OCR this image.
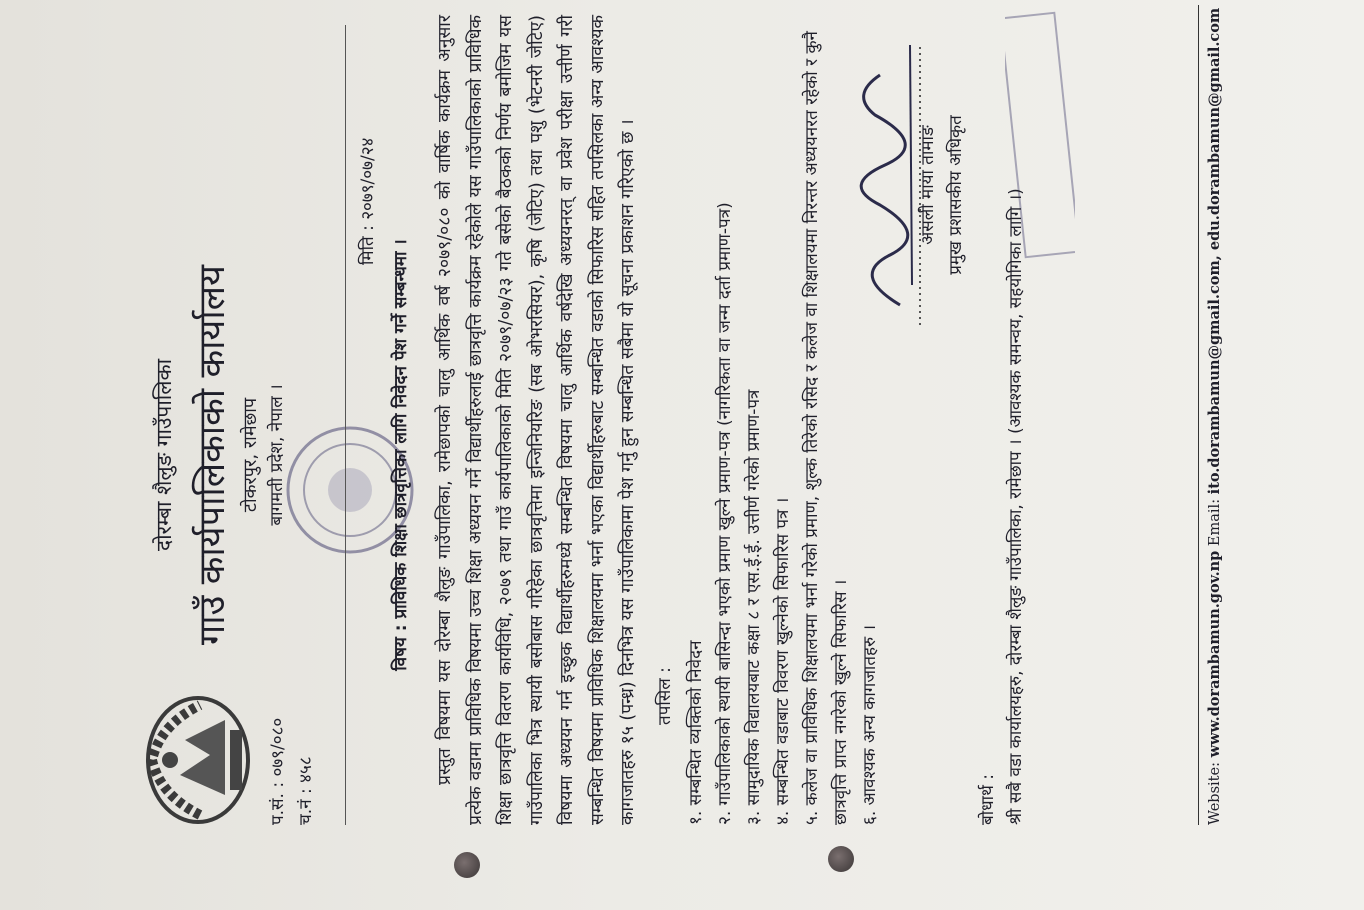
दोरम्बा शैलुङ गाउँपालिका गाउँ कार्यपालिकाको कार्यालय टोकरपुर, रामेछाप बागमती प्रदेश, नेपाल ।
प.सं. : ०७९/०८० च.नं : ४५८
मिति : २०७९/०७/२४
विषय : प्राविधिक शिक्षा छात्रवृत्तिका लागि निवेदन पेश गर्ने सम्बन्धमा । प्रस्तुत विषयमा यस दोरम्बा शैलुङ गाउँपालिका, रामेछापको चालु आर्थिक वर्ष २०७९/०८० को वार्षिक कार्यक्रम अनुसार प्रत्येक वडामा प्राविधिक विषयमा उच्च शिक्षा अध्ययन गर्ने विद्यार्थीहरुलाई छात्रवृत्ति कार्यक्रम रहेकोले यस गाउँपालिकाको प्राविधिक शिक्षा छात्रवृत्ति वितरण कार्यविधि, २०७९ तथा गाउँ कार्यपालिकाको मिति २०७९/०७/२३ गते बसेको बैठकको निर्णय बमोजिम यस गाउँपालिका भित्र स्थायी बसोबास गरिहेका छात्रवृत्तिमा इन्जिनियरिङ (सब ओभरसियर), कृषि (जेटिए) तथा पशु (भेटनरी जेटिए) विषयमा अध्ययन गर्न इच्छुक विद्यार्थीहरुमध्ये सम्बन्धित विषयमा चालु आर्थिक वर्षदेखि अध्ययनरत् वा प्रवेश परीक्षा उत्तीर्ण गरी सम्बन्धित विषयमा प्राविधिक शिक्षालयमा भर्ना भएका विद्यार्थीहरुबाट सम्बन्धित वडाको सिफारिस सहित तपसिलका अन्य आवश्यक कागजातहरु १५ (पन्ध्र) दिनभित्र यस गाउँपालिकामा पेश गर्नु हुन सम्बन्धित सबैमा यो सूचना प्रकाशन गरिएको छ ।	तपसिल : १. सम्बन्धित व्यक्तिको निवेदन २. गाउँपालिकाको स्थायी बासिन्दा भएको प्रमाण खुल्ने प्रमाण-पत्र (नागरिकता वा जन्म दर्ता प्रमाण-पत्र) ३. सामुदायिक विद्यालयबाट कक्षा ८ र एस.ई.ई. उत्तीर्ण गरेको प्रमाण-पत्र ४. सम्बन्धित वडाबाट विवरण खुल्नेको सिफारिस पत्र । ५. कलेज वा प्राविधिक शिक्षालयमा भर्ना गरेको प्रमाण, शुल्क तिरेको रसिद र कलेज वा शिक्षालयमा निरन्तर अध्ययनरत रहेको र कुनै छात्रवृत्ति प्राप्त नगरेको खुल्ने सिफारिस । ६. आवश्यक अन्य कागजातहरु ।
असली माया तामाङ प्रमुख प्रशासकीय अधिकृत
बोधार्थ : श्री सबै वडा कार्यालयहरु, दोरम्बा शैलुङ गाउँपालिका, रामेछाप । (आवश्यक समन्वय, सहयोगिका लागि ।)	Website: www.dorambamun.gov.np Email: ito.dorambamun@gmail.com, edu.dorambamun@gmail.com
